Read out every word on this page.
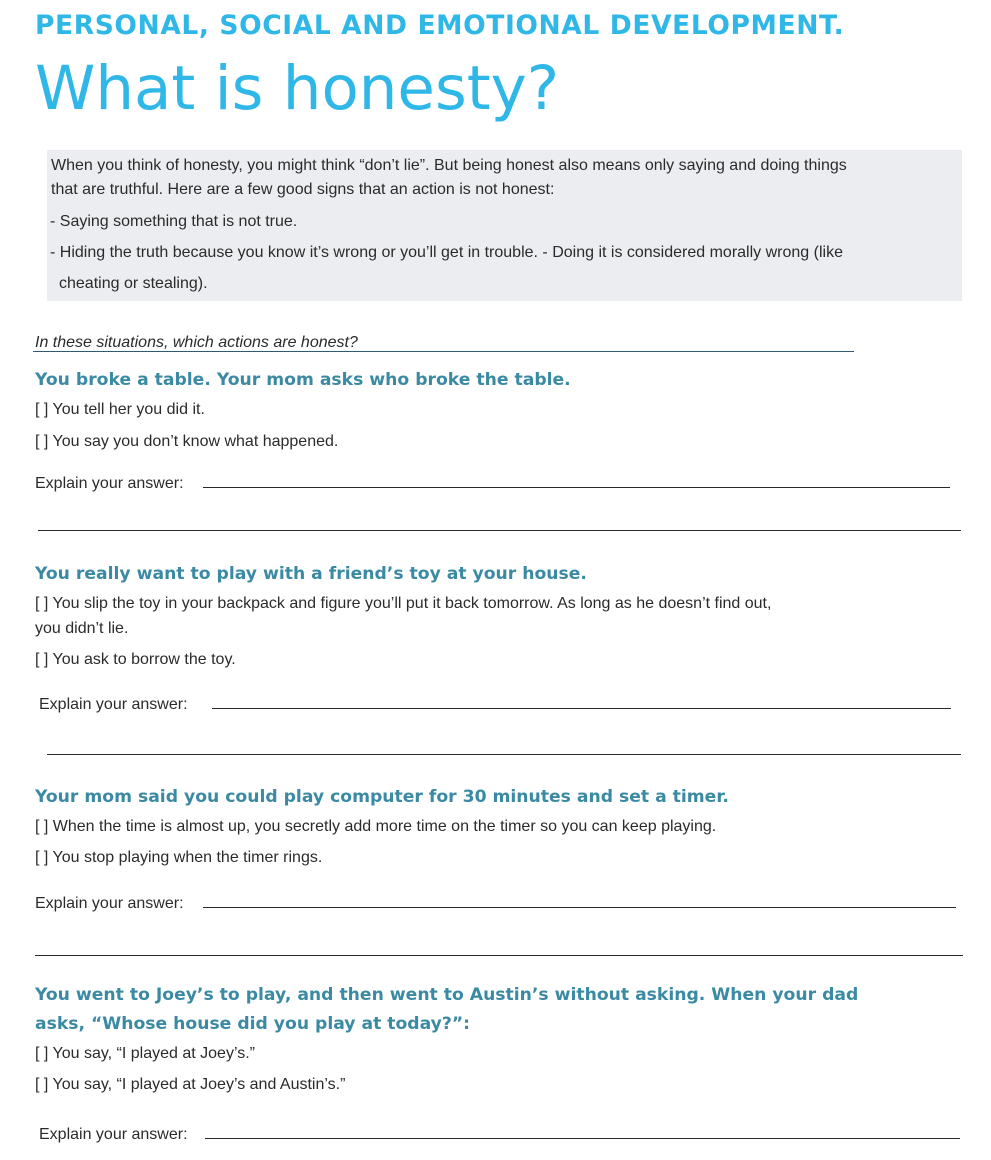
PERSONAL, SOCIAL AND EMOTIONAL DEVELOPMENT.
What is honesty?
When you think of honesty, you might think “don’t lie”. But being honest also means only saying and doing things
that are truthful. Here are a few good signs that an action is not honest:
- Saying something that is not true.
- Hiding the truth because you know it’s wrong or you’ll get in trouble. - Doing it is considered morally wrong (like
cheating or stealing).
In these situations, which actions are honest?
You broke a table. Your mom asks who broke the table.
[ ] You tell her you did it.
[ ] You say you don’t know what happened.
Explain your answer:
You really want to play with a friend’s toy at your house.
[ ] You slip the toy in your backpack and figure you’ll put it back tomorrow. As long as he doesn’t find out,
you didn’t lie.
[ ] You ask to borrow the toy.
Explain your answer:
Your mom said you could play computer for 30 minutes and set a timer.
[ ] When the time is almost up, you secretly add more time on the timer so you can keep playing.
[ ] You stop playing when the timer rings.
Explain your answer:
You went to Joey’s to play, and then went to Austin’s without asking. When your dad
asks, “Whose house did you play at today?”:
[ ] You say, “I played at Joey’s.”
[ ] You say, “I played at Joey’s and Austin’s.”
Explain your answer:
